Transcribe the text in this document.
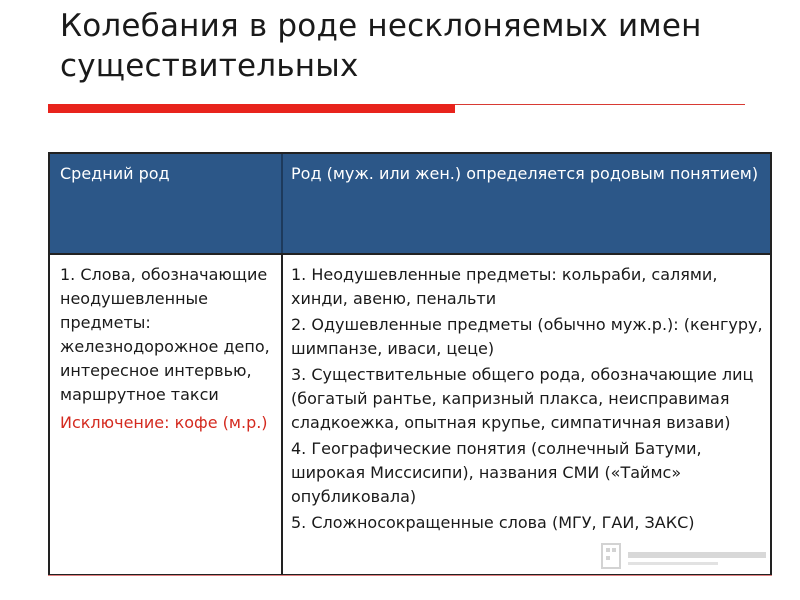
Колебания в роде несклоняемых имен существительных
Средний род	Род (муж. или жен.) определяется родовым понятием)
1. Слова, обозначающие неодушевленные предметы: железнодорожное депо, интересное интервью, маршрутное такси
Исключение: кофе (м.р.)
1. Неодушевленные предметы: кольраби, салями, хинди, авеню, пенальти
2. Одушевленные предметы (обычно муж.р.): (кенгуру, шимпанзе, иваси, цеце)
3. Существительные общего рода, обозначающие лиц (богатый рантье, капризный плакса, неисправимая сладкоежка, опытная крупье, симпатичная визави)
4. Географические понятия (солнечный Батуми, широкая Миссисипи), названия СМИ («Таймс» опубликовала)
5. Сложносокращенные слова (МГУ, ГАИ, ЗАКС)
